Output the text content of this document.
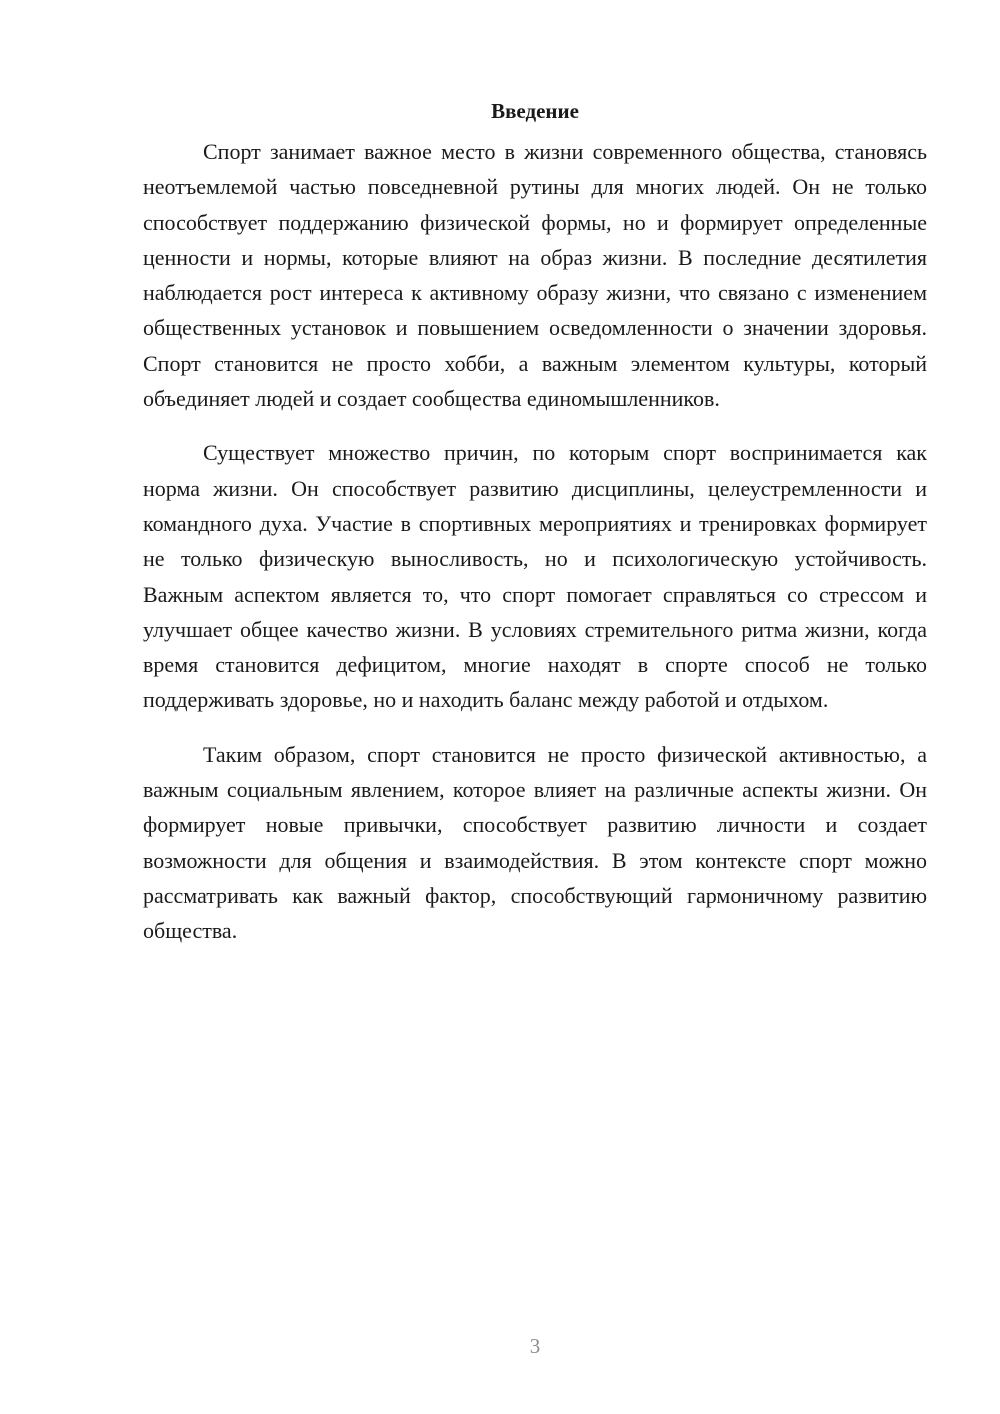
Введение

Спорт занимает важное место в жизни современного общества, становясь неотъемлемой частью повседневной рутины для многих людей. Он не только способствует поддержанию физической формы, но и формирует определенные ценности и нормы, которые влияют на образ жизни. В последние десятилетия наблюдается рост интереса к активному образу жизни, что связано с изменением общественных установок и повышением осведомленности о значении здоровья. Спорт становится не просто хобби, а важным элементом культуры, который объединяет людей и создает сообщества единомышленников.

Существует множество причин, по которым спорт воспринимается как норма жизни. Он способствует развитию дисциплины, целеустремленности и командного духа. Участие в спортивных мероприятиях и тренировках формирует не только физическую выносливость, но и психологическую устойчивость. Важным аспектом является то, что спорт помогает справляться со стрессом и улучшает общее качество жизни. В условиях стремительного ритма жизни, когда время становится дефицитом, многие находят в спорте способ не только поддерживать здоровье, но и находить баланс между работой и отдыхом.

Таким образом, спорт становится не просто физической активностью, а важным социальным явлением, которое влияет на различные аспекты жизни. Он формирует новые привычки, способствует развитию личности и создает возможности для общения и взаимодействия. В этом контексте спорт можно рассматривать как важный фактор, способствующий гармоничному развитию общества.

3
